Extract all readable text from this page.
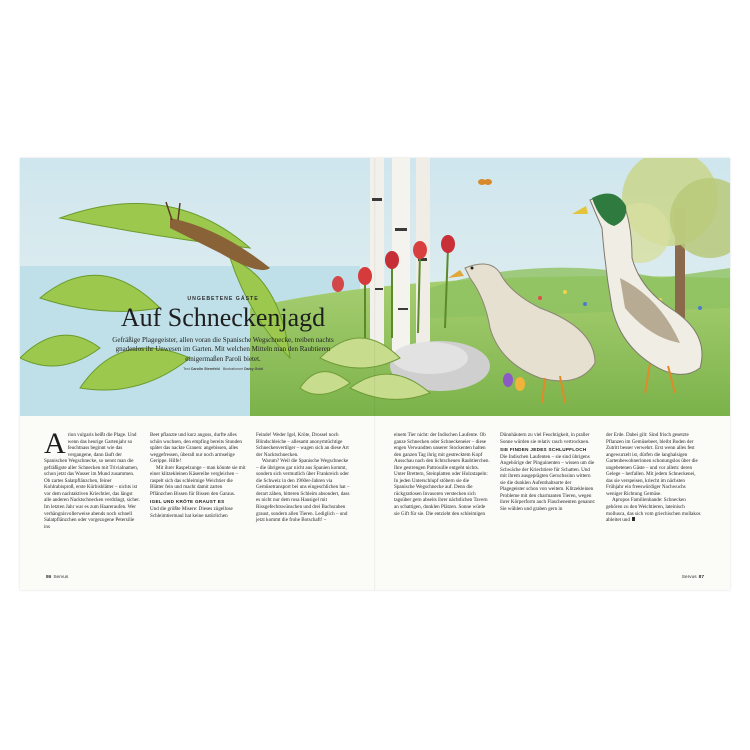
UNGEBETENE GÄSTE
Auf Schneckenjagd
Gefräßige Plagegeister, allen voran die Spanische Wegschnecke, treiben nachts gnadenlos ihr Unwesen im Garten. Mit welchen Mitteln man den Raubtieren einigermaßen Paroli bietet.
Text Carolin Sternfeld Illustrationen Daisy Gold

Arion vulgaris heißt die Plage. Und wenn das heurige Gartenjahr so feuchtnass beginnt wie das vergangene, dann läuft der Spanischen Wegschnecke, so nennt man die gefräßigste aller Schnecken mit Trivialnamen, schon jetzt das Wasser im Mund zusammen. Ob zartes Salatpflänzchen, feiner Kohlrabisproß, erste Kürbisblätter – nichts ist vor dem nachtaktiven Kriechtier, das längst alle anderen Nacktschnecken verdrängt, sicher. Im letzten Jahr war es zum Haareraufen. Wer verhängnisvollerweise abends noch schnell Salatpflänzchen oder vorgezogene Petersilie ins

Beet pflanzte und kurz angoss, durfte alles schön wuchsen, den empfing bereits Stunden später das nackte Grauen: angebissen, alles weggefressen, überall nur noch armselige Gerippe. Hilfe!

Mit ihrer Raspelzunge – man könnte sie mit einer klitzekleinen Käsereibe vergleichen – raspelt sich das schleimige Weichtier die Blätter fein und macht damit zarten Pflänzchen Bissen für Bissen den Garaus.

IGEL UND KRÖTE GRAUST ES

Und die größte Misere: Dieses zügellose Schleimtiermaul hat keine natürlichen

Feinde! Weder Igel, Kröte, Drossel noch Blindschleiche – allesamt anonymtüchtige Schneckenvertilger – wagen sich an diese Art der Nacktschnecken.

Warum? Weil die Spanische Wegschnecke – die übrigens gar nicht aus Spanien kommt, sondern sich vermutlich über Frankreich oder die Schweiz in den 1960er-Jahren via Gemüsetransport bei uns eingeschlichen hat – derart zähen, bitteren Schleim absondert, dass es nicht nur dem rosa Hausigel mit Rissgefechtswünschen und drei Bachsraben graust, sondern allen Tieren. Lediglich – und jetzt kommt die frohe Botschaft! –

einem Tier nicht: der Indischen Laufente. Ob ganze Schnecken oder Schneckeneier – diese engen Verwandten unserer Stockenten halten den ganzen Tag ihrig mit gestrecktem Kopf Ausschau nach den lichtscheuen Raubtierchen. Ihre gestrengen Pattrouille entgeht nichts. Unter Brettern, Steinplatten oder Holzstapeln: In jeden Unterschlupf stöbern sie die Spanische Wegschnecke auf. Denn die rückgratlosen Invasoren verstecken sich tagsüber gern abseits ihrer nächtlichen Tavern an schattigen, dunklen Plätzen. Sonne würde sie Gift für sie. Die entzieht den schleimigen

Dünnhäutern zu viel Feuchtigkeit, in praller Sonne würden sie relativ rasch vertrocknen.

SIE FINDEN JEDES SCHLUPFLOCH

Die Indischen Laufenten – sie sind übrigens Angehörige der Pinguinenten – wissen um die Schwäche der Kriechtiere für Schatten. Und mit ihrem ausgeprägten Geruchssinn wittern sie die dunklen Aufenthaltsorte der Plagegeister schon von weitem. Klitzekleinen Probleme mit den charmanten Tieren, wegen ihrer Körperform auch Flaschenenten genannt: Sie wühlen und graben gern in

der Erde. Dabei gilt: Sind frisch gesetzte Pflanzen im Gemüsebeet, bleibt Boden der Zutritt besser verwehrt. Erst wenn alles fest angewurzelt ist, dürfen die langhalsigen Gartenbewohnerinnen schonungslos über die ungebetenen Gäste – und vor allem: deren Gelege – herfallen. Mit jedem Schneckenei, das sie verspeisen, kriecht im nächsten Frühjahr ein freeswürdiger Nachwuchs weniger Richtung Gemüse.

Apropos Familienbande: Schnecken gehören zu den Weichtieren, lateinisch mollusca, das sich vom griechischen mollakos ableitet und

86 Servus	Servus 87
